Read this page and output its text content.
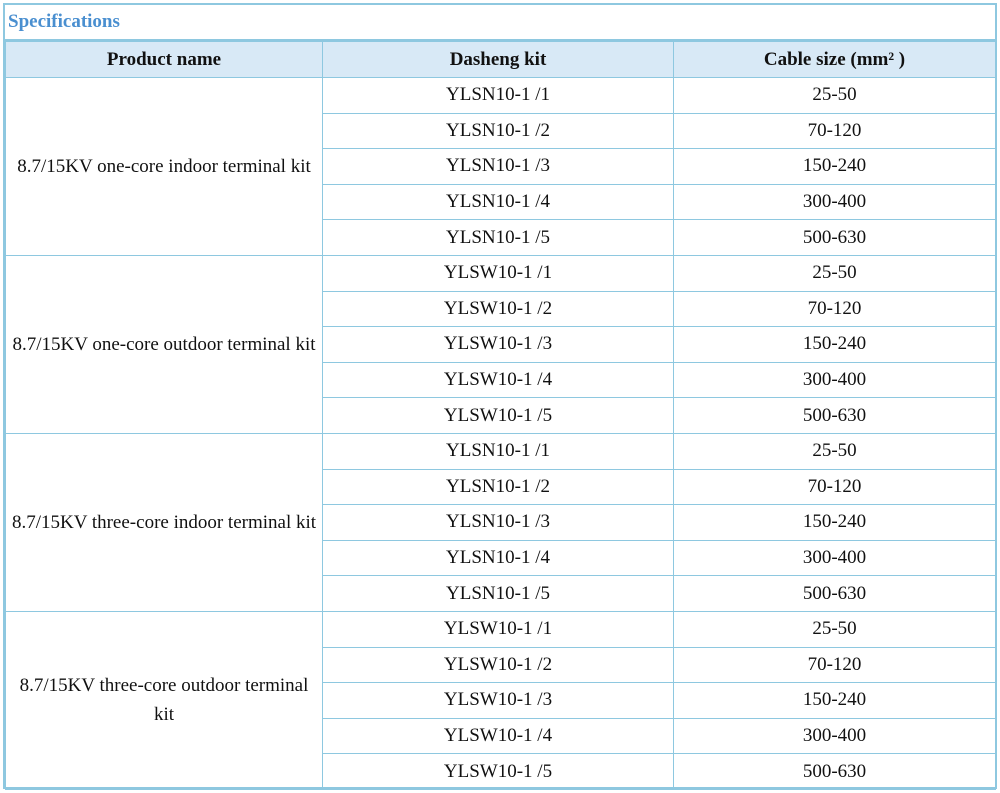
Specifications
Product name	Dasheng kit	Cable size (mm² )
8.7/15KV one-core indoor terminal kit	YLSN10-1 /1	25-50
	YLSN10-1 /2	70-120
	YLSN10-1 /3	150-240
	YLSN10-1 /4	300-400
	YLSN10-1 /5	500-630
8.7/15KV one-core outdoor terminal kit	YLSW10-1 /1	25-50
	YLSW10-1 /2	70-120
	YLSW10-1 /3	150-240
	YLSW10-1 /4	300-400
	YLSW10-1 /5	500-630
8.7/15KV three-core indoor terminal kit	YLSN10-1 /1	25-50
	YLSN10-1 /2	70-120
	YLSN10-1 /3	150-240
	YLSN10-1 /4	300-400
	YLSN10-1 /5	500-630
8.7/15KV three-core outdoor terminal kit	YLSW10-1 /1	25-50
	YLSW10-1 /2	70-120
	YLSW10-1 /3	150-240
	YLSW10-1 /4	300-400
	YLSW10-1 /5	500-630
